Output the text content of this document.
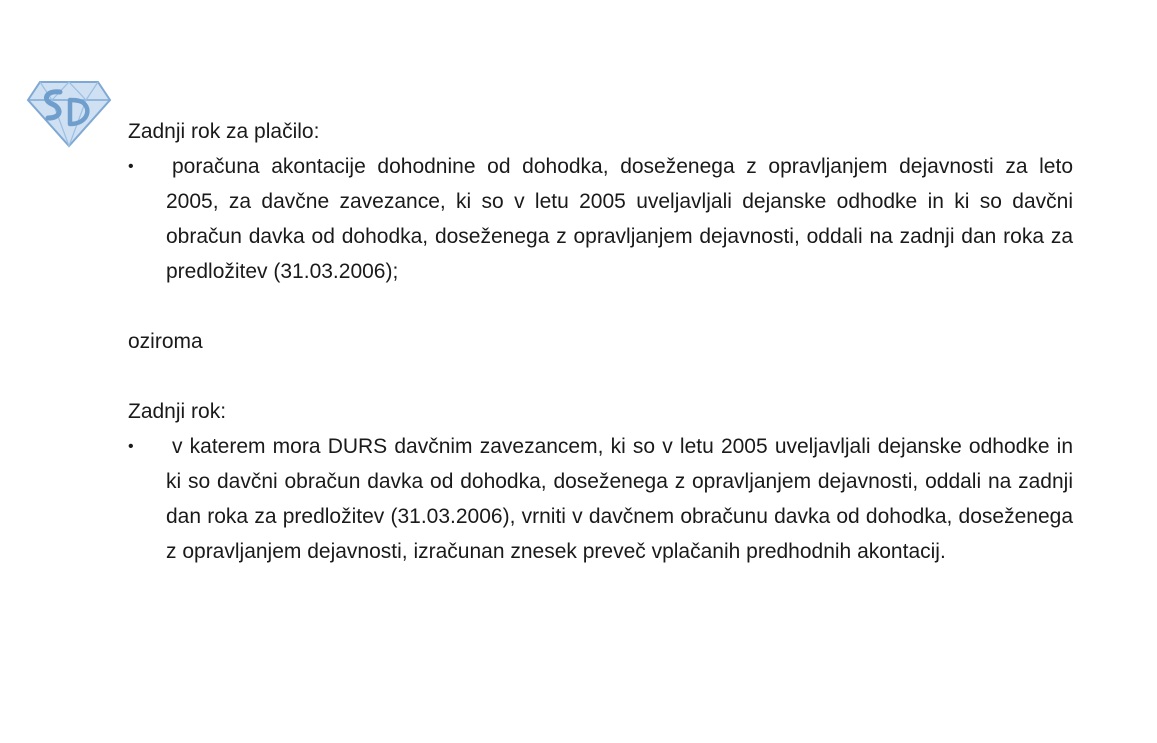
Zadnji rok za plačilo:

•	poračuna akontacije dohodnine od dohodka, doseženega z opravljanjem dejavnosti za leto 2005, za davčne zavezance, ki so v letu 2005 uveljavljali dejanske odhodke in ki so davčni obračun davka od dohodka, doseženega z opravljanjem dejavnosti, oddali na zadnji dan roka za predložitev (31.03.2006);

oziroma

Zadnji rok:

•	v katerem mora DURS davčnim zavezancem, ki so v letu 2005 uveljavljali dejanske odhodke in ki so davčni obračun davka od dohodka, doseženega z opravljanjem dejavnosti, oddali na zadnji dan roka za predložitev (31.03.2006), vrniti v davčnem obračunu davka od dohodka, doseženega z opravljanjem dejavnosti, izračunan znesek preveč vplačanih predhodnih akontacij.
